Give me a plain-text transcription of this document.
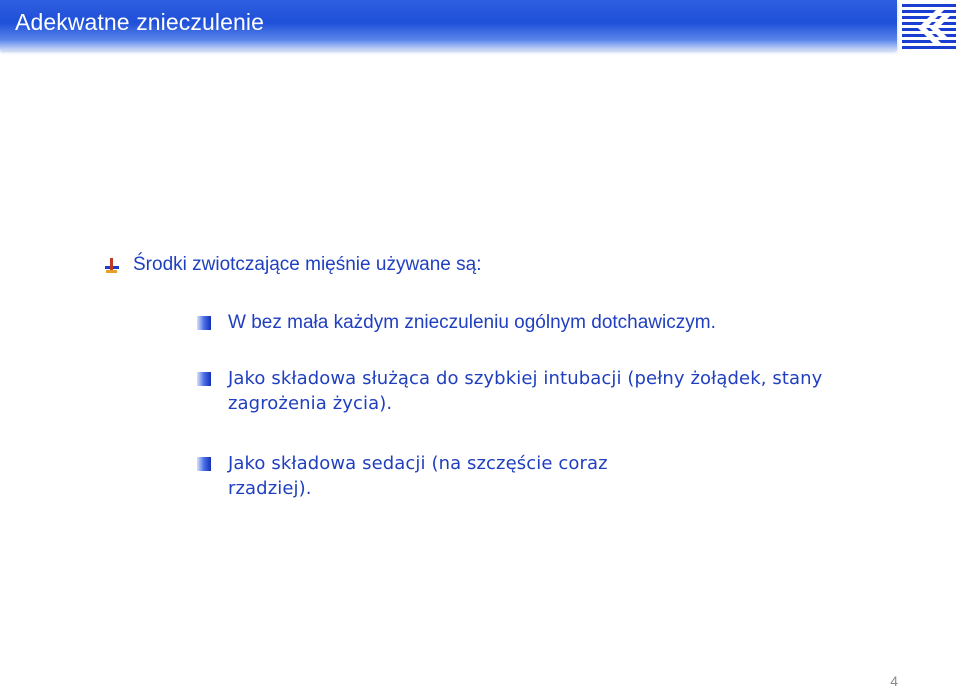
Adekwatne znieczulenie
Środki zwiotczające mięśnie używane są:
W bez mała każdym znieczuleniu ogólnym dotchawiczym.
Jako składowa służąca do szybkiej intubacji (pełny żołądek, stany zagrożenia życia).
Jako składowa sedacji (na szczęście coraz rzadziej).
4
